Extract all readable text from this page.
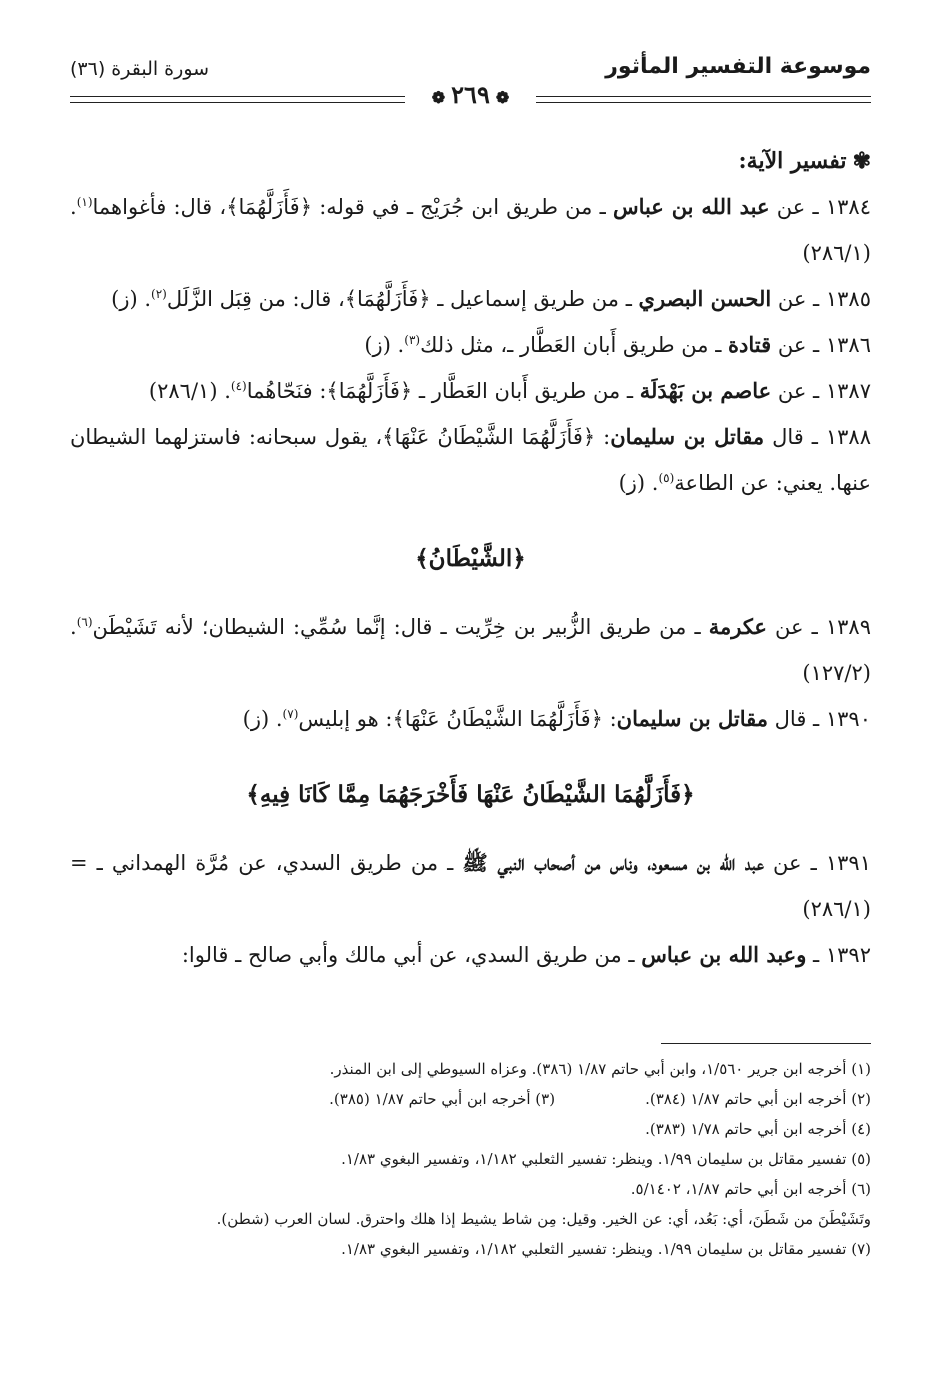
موسوعة التفسير المأثور
سورة البقرة (٣٦)
❁٢٦٩❁
✾تفسير الآية:

١٣٨٤ ـ عن عبد الله بن عباس ـ من طريق ابن جُرَيْج ـ في قوله: ﴿فَأَزَلَّهُمَا﴾، قال: فأغواهما$^{(١)}$. (٢٨٦/١)

١٣٨٥ ـ عن الحسن البصري ـ من طريق إسماعيل ـ ﴿فَأَزَلَّهُمَا﴾، قال: من قِبَل الزَّلَل$^{(٢)}$. (ز)

١٣٨٦ ـ عن قتادة ـ من طريق أَبان العَطَّار ـ، مثل ذلك$^{(٣)}$. (ز)

١٣٨٧ ـ عن عاصم بن بَهْدَلَة ـ من طريق أَبان العَطَّار ـ ﴿فَأَزَلَّهُمَا﴾: فنَحّاهُما$^{(٤)}$. (٢٨٦/١)

١٣٨٨ ـ قال مقاتل بن سليمان: ﴿فَأَزَلَّهُمَا الشَّيْطَانُ عَنْهَا﴾، يقول سبحانه: فاستزلهما الشيطان عنها. يعني: عن الطاعة$^{(٥)}$. (ز)

﴿الشَّيْطَانُ﴾

١٣٨٩ ـ عن عكرمة ـ من طريق الزُّبير بن خِرِّيت ـ قال: إنَّما سُمِّي: الشيطان؛ لأنه تَشَيْطَن$^{(٦)}$. (١٢٧/٢)

١٣٩٠ ـ قال مقاتل بن سليمان: ﴿فَأَزَلَّهُمَا الشَّيْطَانُ عَنْهَا﴾: هو إبليس$^{(٧)}$. (ز)

﴿فَأَزَلَّهُمَا الشَّيْطَانُ عَنْهَا فَأَخْرَجَهُمَا مِمَّا كَانَا فِيهِ﴾

١٣٩١ ـ عن عبد الله بن مسعود، وناس من أصحاب النبي ﷺ ـ من طريق السدي، عن مُرَّة الهمداني ـ = (٢٨٦/١)

١٣٩٢ ـ وعبد الله بن عباس ـ من طريق السدي، عن أبي مالك وأبي صالح ـ قالوا:

(١) أخرجه ابن جرير ١/٥٦٠، وابن أبي حاتم ١/٨٧ (٣٨٦). وعزاه السيوطي إلى ابن المنذر.

(٢) أخرجه ابن أبي حاتم ١/٨٧ (٣٨٤).
(٣) أخرجه ابن أبي حاتم ١/٨٧ (٣٨٥).

(٤) أخرجه ابن أبي حاتم ١/٧٨ (٣٨٣).

(٥) تفسير مقاتل بن سليمان ١/٩٩. وينظر: تفسير الثعلبي ١/١٨٢، وتفسير البغوي ١/٨٣.

(٦) أخرجه ابن أبي حاتم ١/٨٧، ٥/١٤٠٢.

وتَشَيْطَنَ من شَطَنَ، أي: بَعُد، أي: عن الخير. وقيل: مِن شاط يشيط إذا هلك واحترق. لسان العرب (شطن).

(٧) تفسير مقاتل بن سليمان ١/٩٩. وينظر: تفسير الثعلبي ١/١٨٢، وتفسير البغوي ١/٨٣.
